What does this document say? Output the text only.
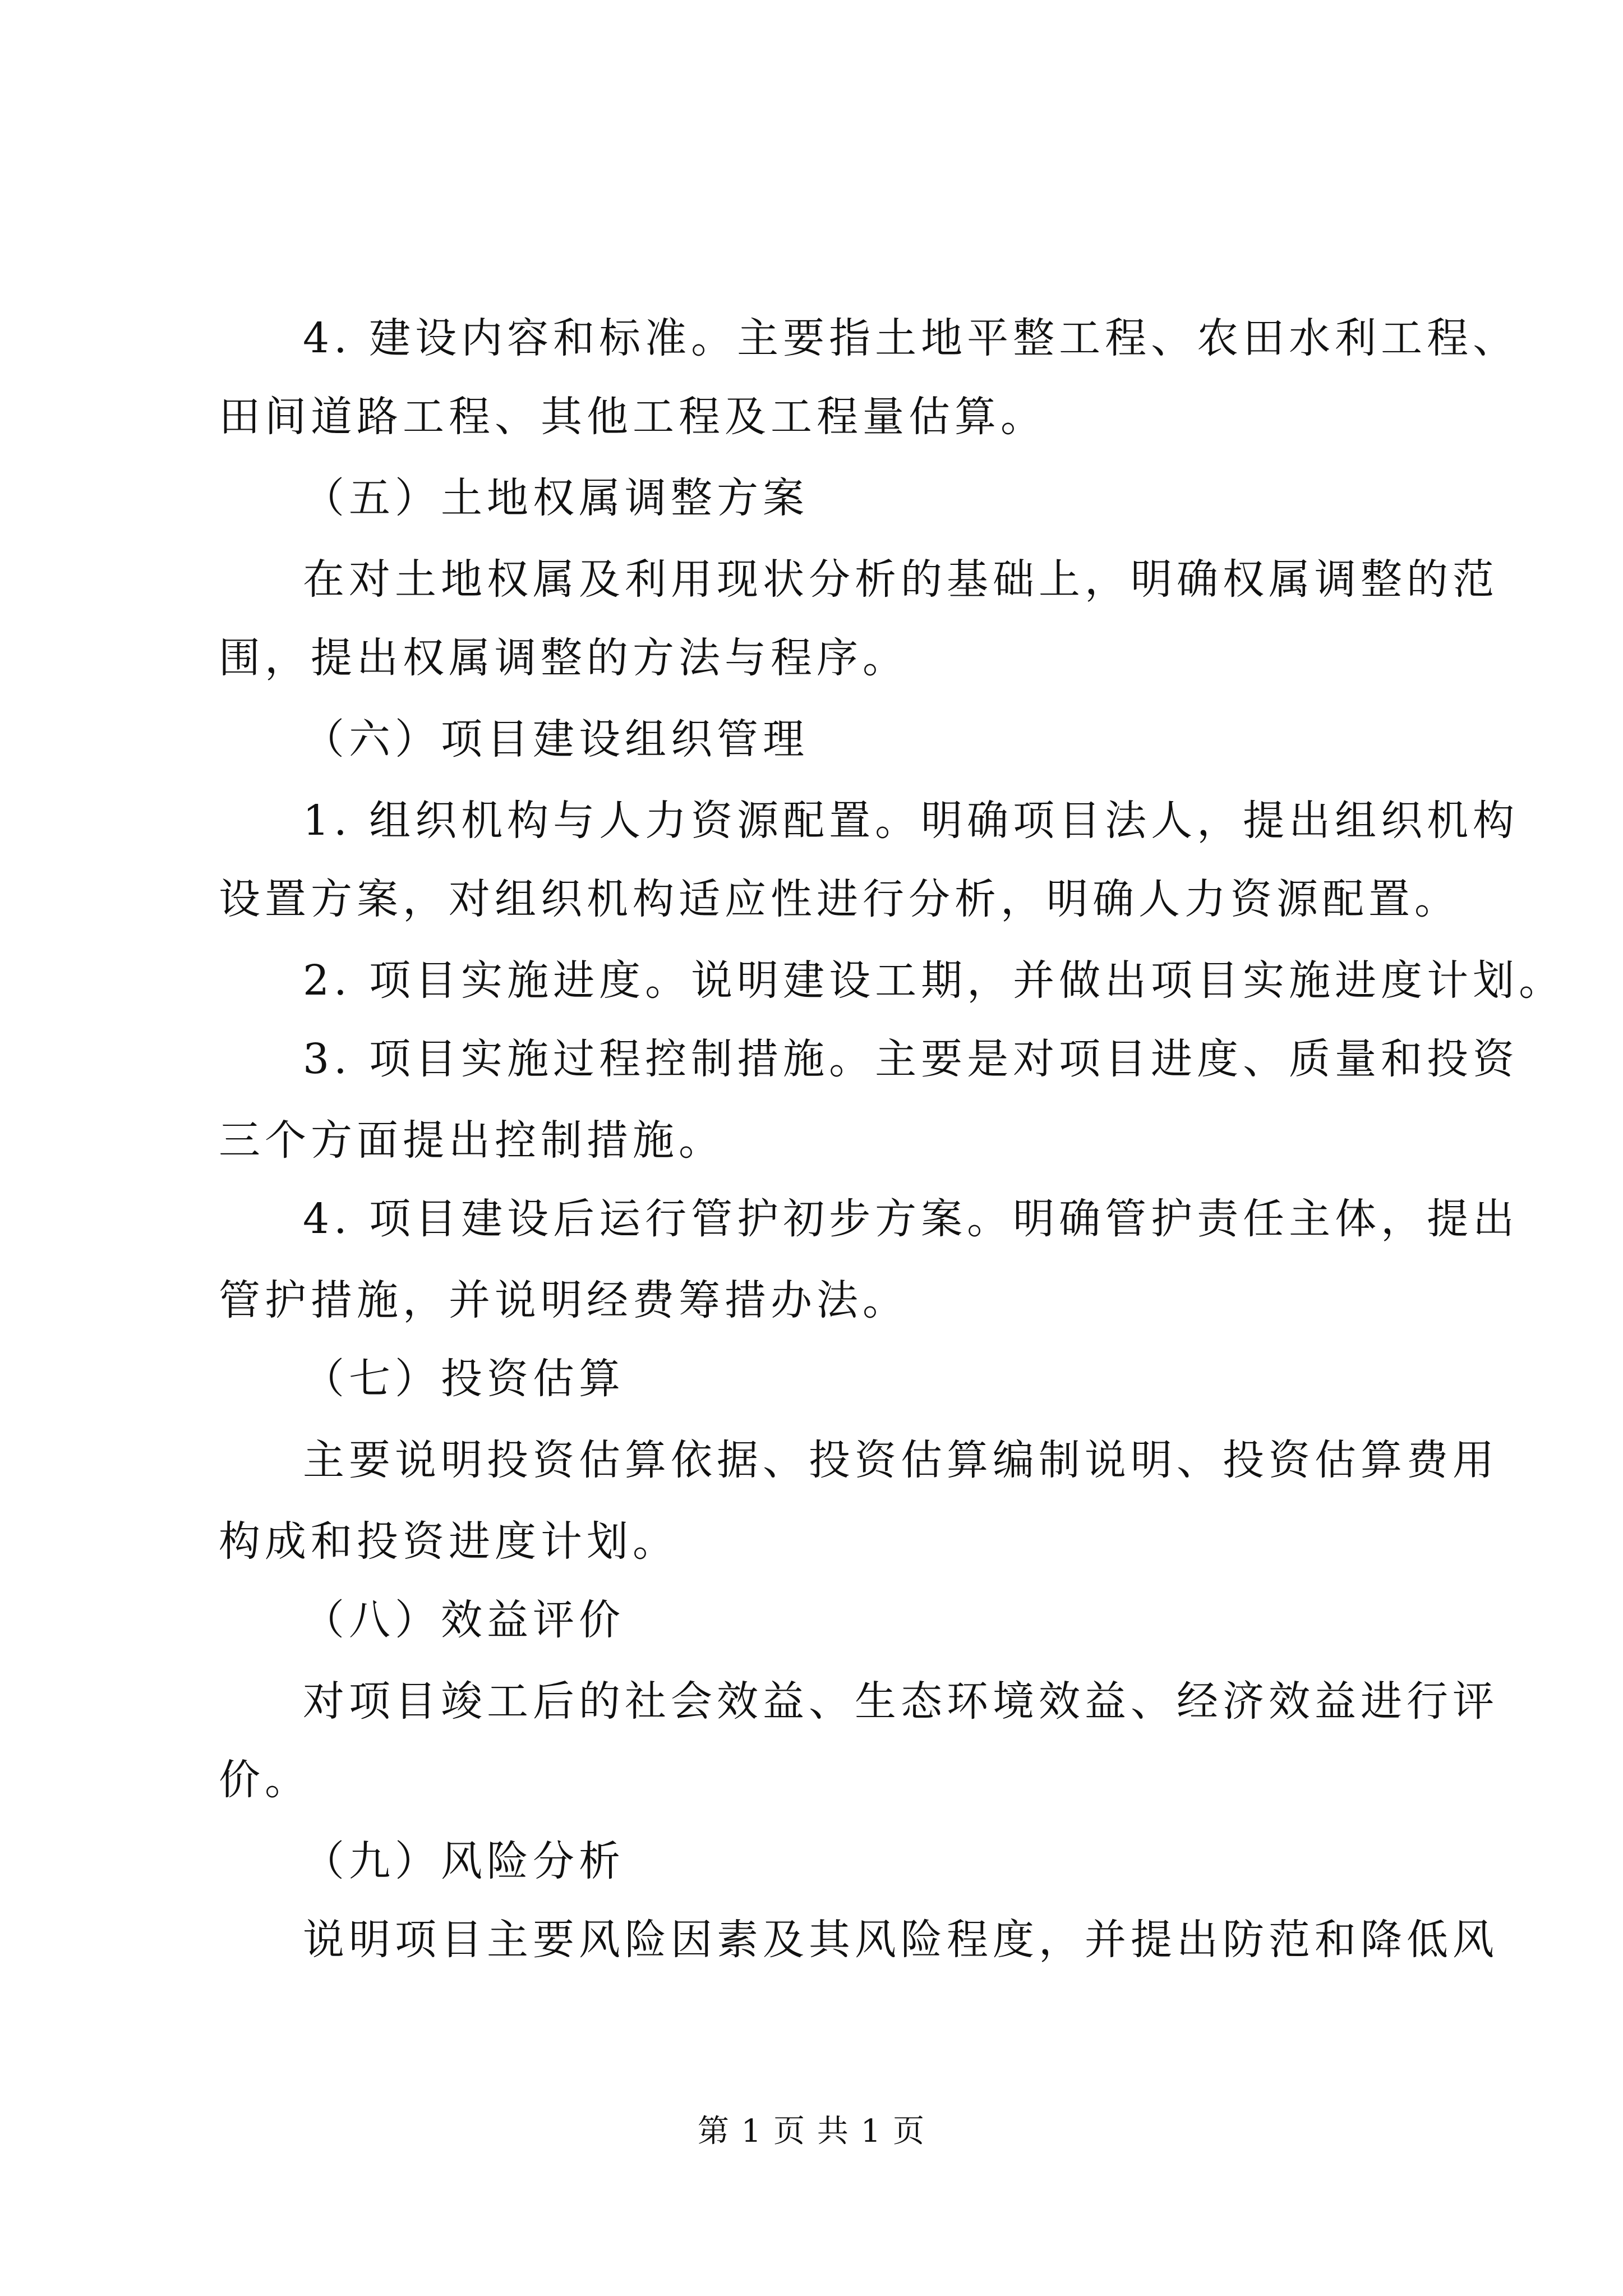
4. 建设内容和标准。主要指土地平整工程、农田水利工程、
田间道路工程、其他工程及工程量估算。
（五）土地权属调整方案
在对土地权属及利用现状分析的基础上，明确权属调整的范
围，提出权属调整的方法与程序。
（六）项目建设组织管理
1. 组织机构与人力资源配置。明确项目法人，提出组织机构
设置方案，对组织机构适应性进行分析，明确人力资源配置。
2. 项目实施进度。说明建设工期，并做出项目实施进度计划。
3. 项目实施过程控制措施。主要是对项目进度、质量和投资
三个方面提出控制措施。
4. 项目建设后运行管护初步方案。明确管护责任主体，提出
管护措施，并说明经费筹措办法。
（七）投资估算
主要说明投资估算依据、投资估算编制说明、投资估算费用
构成和投资进度计划。
（八）效益评价
对项目竣工后的社会效益、生态环境效益、经济效益进行评
价。
（九）风险分析
说明项目主要风险因素及其风险程度，并提出防范和降低风
第 1 页 共 1 页
